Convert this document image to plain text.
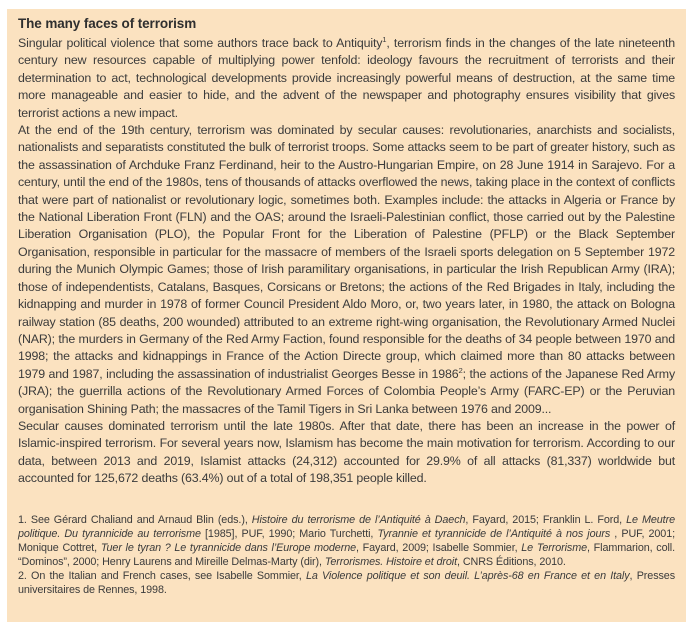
The many faces of terrorism

Singular political violence that some authors trace back to Antiquity$^1$, terrorism finds in the changes of the late nineteenth century new resources capable of multiplying power tenfold: ideology favours the recruitment of terrorists and their determination to act, technological developments provide increasingly powerful means of destruction, at the same time more manageable and easier to hide, and the advent of the newspaper and photography ensures visibility that gives terrorist actions a new impact.

At the end of the 19th century, terrorism was dominated by secular causes: revolutionaries, anarchists and socialists, nationalists and separatists constituted the bulk of terrorist troops. Some attacks seem to be part of greater history, such as the assassination of Archduke Franz Ferdinand, heir to the Austro-Hungarian Empire, on 28 June 1914 in Sarajevo. For a century, until the end of the 1980s, tens of thousands of attacks overflowed the news, taking place in the context of conflicts that were part of nationalist or revolutionary logic, sometimes both. Examples include: the attacks in Algeria or France by the National Liberation Front (FLN) and the OAS; around the Israeli-Palestinian conflict, those carried out by the Palestine Liberation Organisation (PLO), the Popular Front for the Liberation of Palestine (PFLP) or the Black September Organisation, responsible in particular for the massacre of members of the Israeli sports delegation on 5 September 1972 during the Munich Olympic Games; those of Irish paramilitary organisations, in particular the Irish Republican Army (IRA); those of independentists, Catalans, Basques, Corsicans or Bretons; the actions of the Red Brigades in Italy, including the kidnapping and murder in 1978 of former Council President Aldo Moro, or, two years later, in 1980, the attack on Bologna railway station (85 deaths, 200 wounded) attributed to an extreme right-wing organisation, the Revolutionary Armed Nuclei (NAR); the murders in Germany of the Red Army Faction, found responsible for the deaths of 34 people between 1970 and 1998; the attacks and kidnappings in France of the Action Directe group, which claimed more than 80 attacks between 1979 and 1987, including the assassination of industrialist Georges Besse in 1986$^2$; the actions of the Japanese Red Army (JRA); the guerrilla actions of the Revolutionary Armed Forces of Colombia People’s Army (FARC-EP) or the Peruvian organisation Shining Path; the massacres of the Tamil Tigers in Sri Lanka between 1976 and 2009...

Secular causes dominated terrorism until the late 1980s. After that date, there has been an increase in the power of Islamic-inspired terrorism. For several years now, Islamism has become the main motivation for terrorism. According to our data, between 2013 and 2019, Islamist attacks (24,312) accounted for 29.9% of all attacks (81,337) worldwide but accounted for 125,672 deaths (63.4%) out of a total of 198,351 people killed.

1. See Gérard Chaliand and Arnaud Blin (eds.), Histoire du terrorisme de l’Antiquité à Daech, Fayard, 2015; Franklin L. Ford, Le Meutre politique. Du tyrannicide au terrorisme [1985], PUF, 1990; Mario Turchetti, Tyrannie et tyrannicide de l’Antiquité à nos jours , PUF, 2001; Monique Cottret, Tuer le tyran ? Le tyrannicide dans l’Europe moderne, Fayard, 2009; Isabelle Sommier, Le Terrorisme, Flammarion, coll. “Dominos”, 2000; Henry Laurens and Mireille Delmas-Marty (dir), Terrorismes. Histoire et droit, CNRS Éditions, 2010.

2. On the Italian and French cases, see Isabelle Sommier, La Violence politique et son deuil. L’après-68 en France et en Italy, Presses universitaires de Rennes, 1998.
